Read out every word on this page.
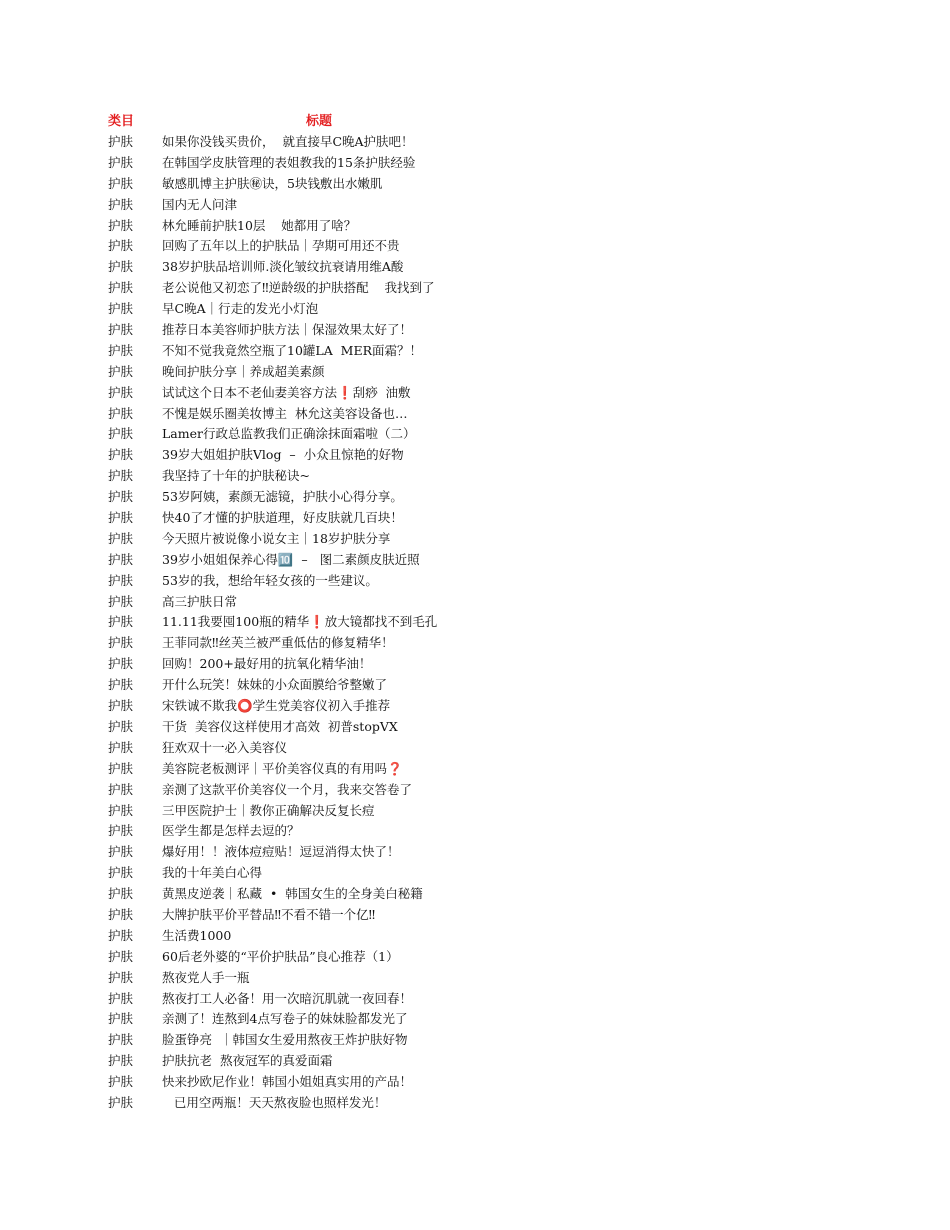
类目	标题
护肤 如果你没钱买贵价，  就直接早C晚A护肤吧！
护肤 在韩国学皮肤管理的表姐教我的15条护肤经验
护肤 敏感肌博主护肤㊙诀，5块钱敷出水嫩肌
护肤 国内无人问津
护肤 林允睡前护肤10层    她都用了啥？
护肤 回购了五年以上的护肤品｜孕期可用还不贵
护肤 38岁护肤品培训师.淡化皱纹抗衰请用维A酸
护肤 老公说他又初恋了‼逆龄级的护肤搭配    我找到了
护肤 早C晚A｜行走的发光小灯泡
护肤 推荐日本美容师护肤方法｜保湿效果太好了！
护肤 不知不觉我竟然空瓶了10罐LA  MER面霜？！
护肤 晚间护肤分享｜养成超美素颜
护肤 试试这个日本不老仙妻美容方法❗刮痧  油敷
护肤 不愧是娱乐圈美妆博主  林允这美容设备也…
护肤 Lamer行政总监教我们正确涂抹面霜啦（二）
护肤 39岁大姐姐护肤Vlog  –  小众且惊艳的好物
护肤 我坚持了十年的护肤秘诀~
护肤 53岁阿姨，素颜无滤镜，护肤小心得分享。
护肤 快40了才懂的护肤道理，好皮肤就几百块！
护肤 今天照片被说像小说女主｜18岁护肤分享
护肤 39岁小姐姐保养心得🔟  –   图二素颜皮肤近照
护肤 53岁的我，想给年轻女孩的一些建议。
护肤 高三护肤日常
护肤 11.11我要囤100瓶的精华❗放大镜都找不到毛孔
护肤 王菲同款‼丝芙兰被严重低估的修复精华！
护肤 回购！200+最好用的抗氧化精华油！
护肤 开什么玩笑！妹妹的小众面膜给爷整嫩了
护肤 宋铁诚不欺我⭕学生党美容仪初入手推荐
护肤 干货  美容仪这样使用才高效  初普stopVX
护肤 狂欢双十一必入美容仪
护肤 美容院老板测评｜平价美容仪真的有用吗❓
护肤 亲测了这款平价美容仪一个月，我来交答卷了
护肤 三甲医院护士｜教你正确解决反复长痘
护肤 医学生都是怎样去逗的？
护肤 爆好用！！液体痘痘贴！逗逗消得太快了！
护肤 我的十年美白心得
护肤 黄黑皮逆袭｜私藏  •  韩国女生的全身美白秘籍
护肤 大牌护肤平价平替品‼不看不错一个亿‼
护肤 生活费1000
护肤 60后老外婆的“平价护肤品”良心推荐（1）
护肤 熬夜党人手一瓶
护肤 熬夜打工人必备！用一次暗沉肌就一夜回春！
护肤 亲测了！连熬到4点写卷子的妹妹脸都发光了
护肤 脸蛋铮亮  ｜韩国女生爱用熬夜王炸护肤好物
护肤 护肤抗老  熬夜冠军的真爱面霜
护肤 快来抄欧尼作业！韩国小姐姐真实用的产品！
护肤 已用空两瓶！天天熬夜脸也照样发光！
